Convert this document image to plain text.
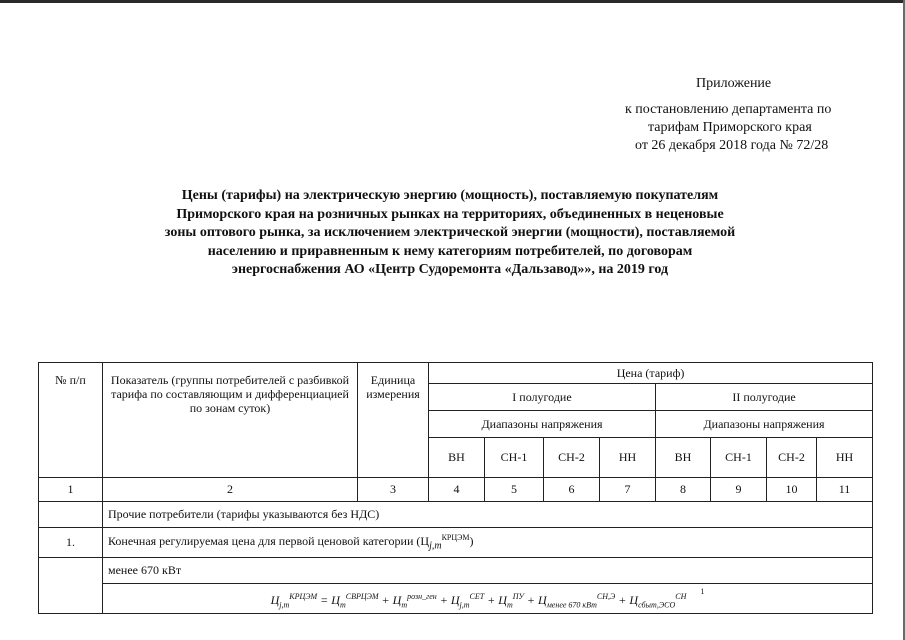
Приложение
к постановлению департамента по
тарифам Приморского края
от 26 декабря 2018 года № 72/28
Цены (тарифы) на электрическую энергию (мощность), поставляемую покупателям Приморского края на розничных рынках на территориях, объединенных в неценовые зоны оптового рынка, за исключением электрической энергии (мощности), поставляемой населению и приравненным к нему категориям потребителей, по договорам энергоснабжения АО «Центр Судоремонта «Дальзавод»», на 2019 год
№ п/п	Показатель (группы потребителей с разбивкой тарифа по составляющим и дифференциацией по зонам суток)	Единица измерения	Цена (тариф)							
			I полугодие				II полугодие			
			Диапазоны напряжения				Диапазоны напряжения			
			ВН	СН-1	СН-2	НН	ВН	СН-1	СН-2	НН
1	2	3	4	5	6	7	8	9	10	11
	Прочие потребители (тарифы указываются без НДС)									
1.	Конечная регулируемая цена для первой ценовой категории $(Ц_{j,m}^{КРЦЭМ})$									
	менее 670 кВт									
	$Ц_{j,m}^{КРЦЭМ} = Ц_m^{СВРЦЭМ} + Ц_m^{розн\_ген} + Ц_{j,m}^{СЕТ} + Ц_m^{ПУ} + Ц_{менее 670 кВт}^{СН,Э} + Ц_{сбыт,ЭСО}^{СН1}$
